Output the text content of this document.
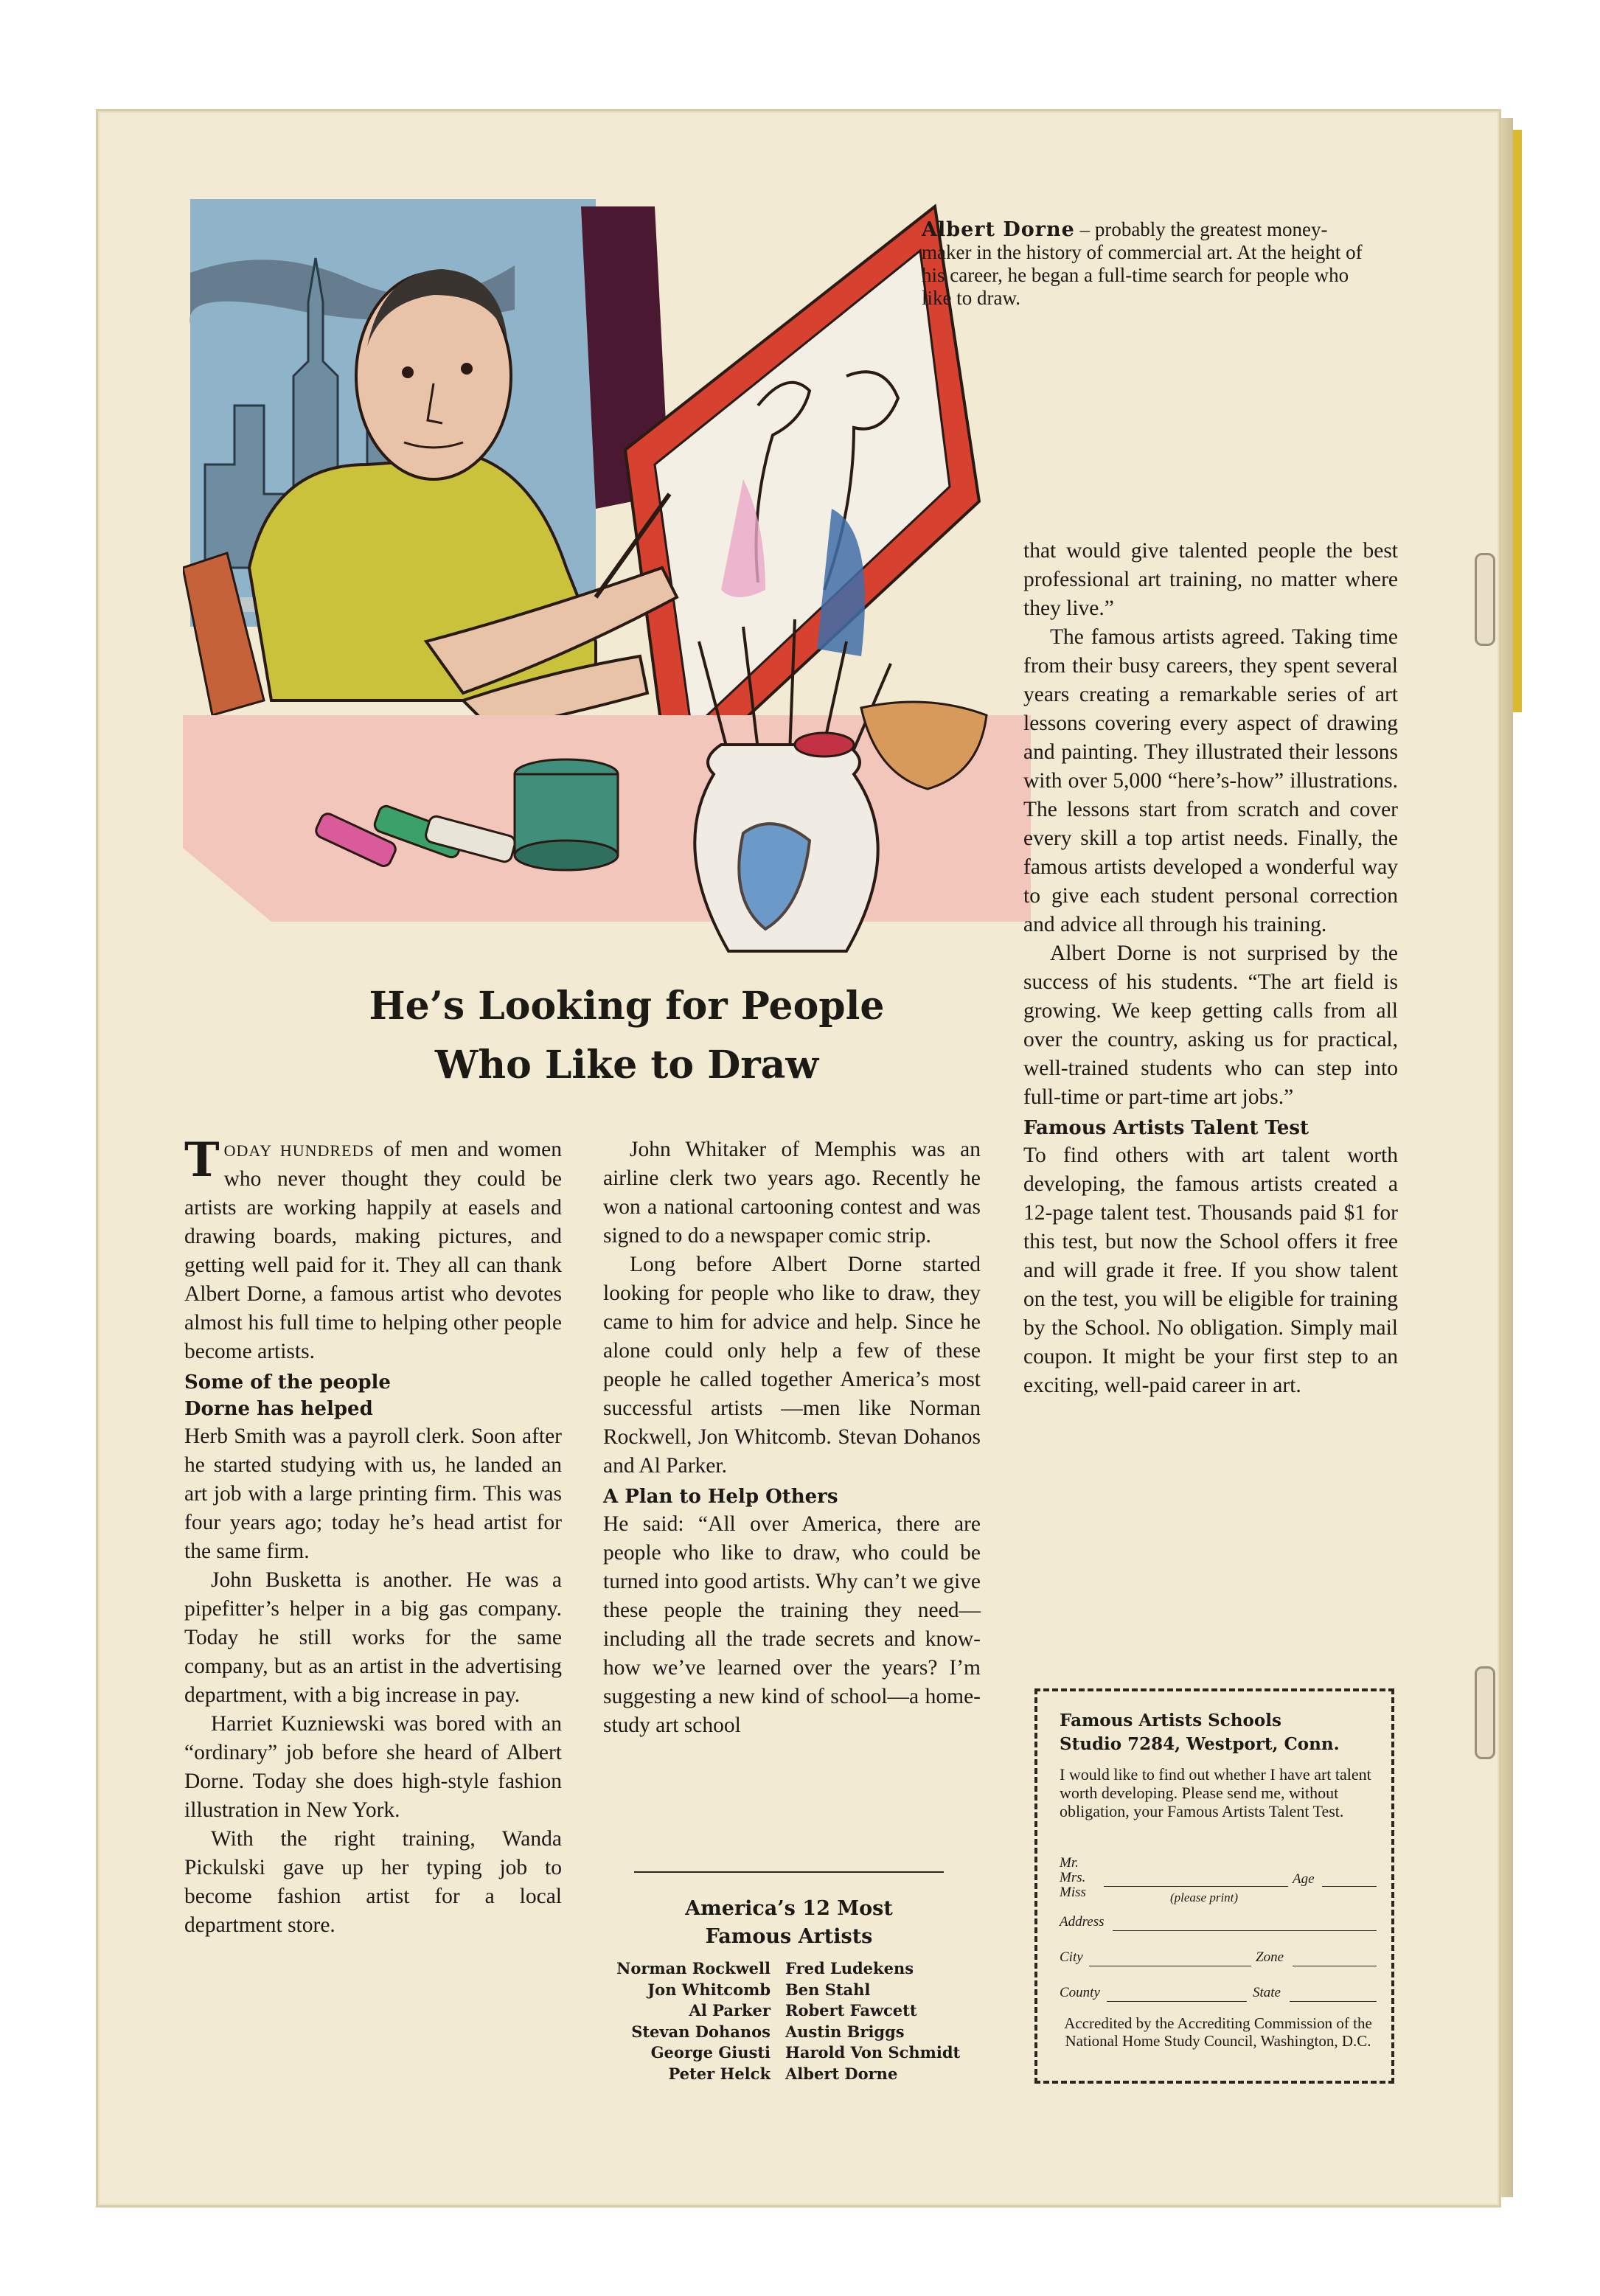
Albert Dorne – probably the greatest money-maker in the history of commercial art. At the height of his career, he began a full-time search for people who like to draw.
He’s Looking for People
Who Like to Draw

TODAY HUNDREDS of men and women who never thought they could be artists are working happily at easels and drawing boards, making pictures, and getting well paid for it. They all can thank Albert Dorne, a famous artist who devotes almost his full time to helping other people become artists.

Some of the people
Dorne has helped

Herb Smith was a payroll clerk. Soon after he started studying with us, he landed an art job with a large printing firm. This was four years ago; today he’s head artist for the same firm.

John Busketta is another. He was a pipefitter’s helper in a big gas company. Today he still works for the same company, but as an artist in the advertising department, with a big increase in pay.

Harriet Kuzniewski was bored with an “ordinary” job before she heard of Albert Dorne. Today she does high-style fashion illustration in New York.

With the right training, Wanda Pickulski gave up her typing job to become fashion artist for a local department store.

John Whitaker of Memphis was an airline clerk two years ago. Recently he won a national cartooning contest and was signed to do a newspaper comic strip.

Long before Albert Dorne started looking for people who like to draw, they came to him for advice and help. Since he alone could only help a few of these people he called together America’s most successful artists —men like Norman Rockwell, Jon Whitcomb. Stevan Dohanos and Al Parker.

A Plan to Help Others

He said: “All over America, there are people who like to draw, who could be turned into good artists. Why can’t we give these people the training they need—including all the trade secrets and know-how we’ve learned over the years? I’m suggesting a new kind of school—a home-study art school

that would give talented people the best professional art training, no matter where they live.”

The famous artists agreed. Taking time from their busy careers, they spent several years creating a remarkable series of art lessons covering every aspect of drawing and painting. They illustrated their lessons with over 5,000 “here’s-how” illustrations. The lessons start from scratch and cover every skill a top artist needs. Finally, the famous artists developed a wonderful way to give each student personal correction and advice all through his training.

Albert Dorne is not surprised by the success of his students. “The art field is growing. We keep getting calls from all over the country, asking us for practical, well-trained students who can step into full-time or part-time art jobs.”

Famous Artists Talent Test

To find others with art talent worth developing, the famous artists created a 12-page talent test. Thousands paid $1 for this test, but now the School offers it free and will grade it free. If you show talent on the test, you will be eligible for training by the School. No obligation. Simply mail coupon. It might be your first step to an exciting, well-paid career in art.

America’s 12 Most
Famous Artists
Norman Rockwell
Jon Whitcomb
Al Parker
Stevan Dohanos
George Giusti
Peter Helck
Fred Ludekens
Ben Stahl
Robert Fawcett
Austin Briggs
Harold Von Schmidt
Albert Dorne
Famous Artists Schools
Studio 7284, Westport, Conn.
I would like to find out whether I have art talent worth developing. Please send me, without obligation, your Famous Artists Talent Test.
Mr.
Mrs.
Miss
Age
(please print)
Address
City	Zone
County	State
Accredited by the Accrediting Commission of the National Home Study Council, Washington, D.C.
